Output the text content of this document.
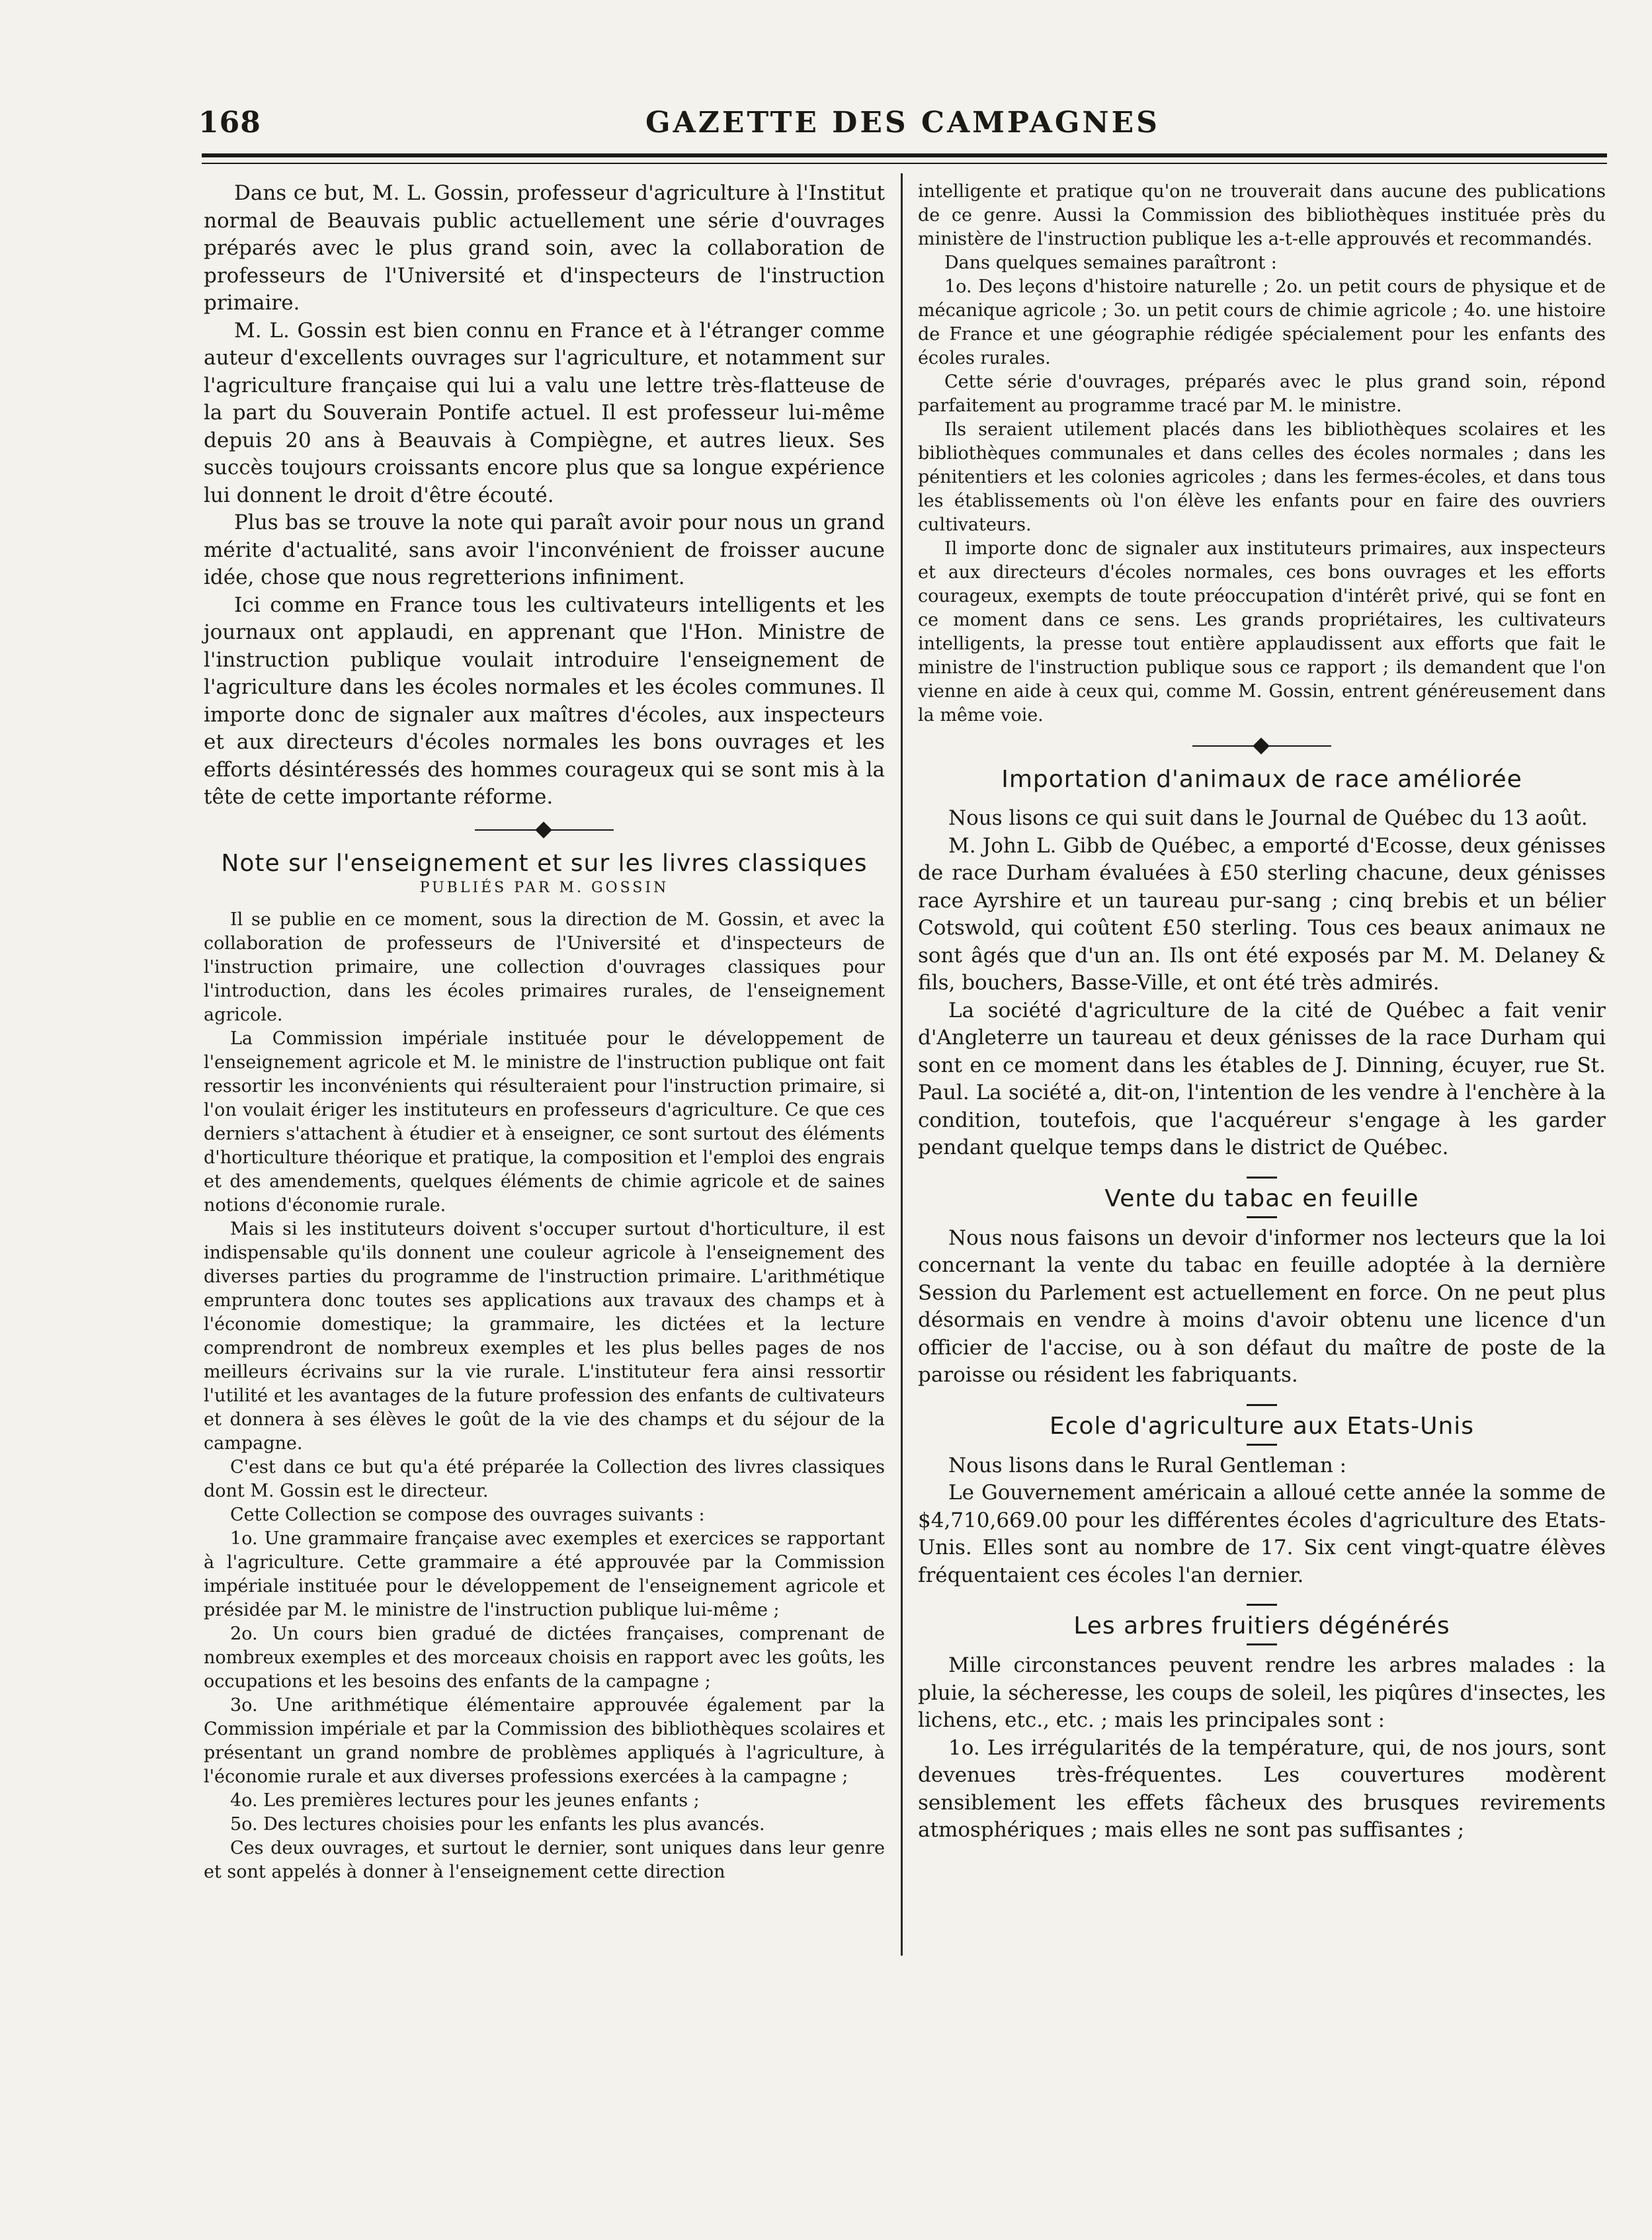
168	GAZETTE DES CAMPAGNES

Dans ce but, M. L. Gossin, professeur d'agriculture à l'Institut normal de Beauvais public actuellement une série d'ouvrages préparés avec le plus grand soin, avec la collaboration de professeurs de l'Université et d'inspecteurs de l'instruction primaire.

M. L. Gossin est bien connu en France et à l'étranger comme auteur d'excellents ouvrages sur l'agriculture, et notamment sur l'agriculture française qui lui a valu une lettre très-flatteuse de la part du Souverain Pontife actuel. Il est professeur lui-même depuis 20 ans à Beauvais à Compiègne, et autres lieux. Ses succès toujours croissants encore plus que sa longue expérience lui donnent le droit d'être écouté.

Plus bas se trouve la note qui paraît avoir pour nous un grand mérite d'actualité, sans avoir l'inconvénient de froisser aucune idée, chose que nous regretterions infiniment.

Ici comme en France tous les cultivateurs intelligents et les journaux ont applaudi, en apprenant que l'Hon. Ministre de l'instruction publique voulait introduire l'enseignement de l'agriculture dans les écoles normales et les écoles communes. Il importe donc de signaler aux maîtres d'écoles, aux inspecteurs et aux directeurs d'écoles normales les bons ouvrages et les efforts désintéressés des hommes courageux qui se sont mis à la tête de cette importante réforme.

Note sur l'enseignement et sur les livres classiques
PUBLIÉS PAR M. GOSSIN

Il se publie en ce moment, sous la direction de M. Gossin, et avec la collaboration de professeurs de l'Université et d'inspecteurs de l'instruction primaire, une collection d'ouvrages classiques pour l'introduction, dans les écoles primaires rurales, de l'enseignement agricole.

La Commission impériale instituée pour le développement de l'enseignement agricole et M. le ministre de l'instruction publique ont fait ressortir les inconvénients qui résulteraient pour l'instruction primaire, si l'on voulait ériger les instituteurs en professeurs d'agriculture. Ce que ces derniers s'attachent à étudier et à enseigner, ce sont surtout des éléments d'horticulture théorique et pratique, la composition et l'emploi des engrais et des amendements, quelques éléments de chimie agricole et de saines notions d'économie rurale.

Mais si les instituteurs doivent s'occuper surtout d'horticulture, il est indispensable qu'ils donnent une couleur agricole à l'enseignement des diverses parties du programme de l'instruction primaire. L'arithmétique emprunterа donc toutes ses applications aux travaux des champs et à l'économie domestique; la grammaire, les dictées et la lecture comprendront de nombreux exemples et les plus belles pages de nos meilleurs écrivains sur la vie rurale. L'instituteur fera ainsi ressortir l'utilité et les avantages de la future profession des enfants de cultivateurs et donnera à ses élèves le goût de la vie des champs et du séjour de la campagne.

C'est dans ce but qu'a été préparée la Collection des livres classiques dont M. Gossin est le directeur.

Cette Collection se compose des ouvrages suivants :

1o. Une grammaire française avec exemples et exercices se rapportant à l'agriculture. Cette grammaire a été approuvée par la Commission impériale instituée pour le développement de l'enseignement agricole et présidée par M. le ministre de l'instruction publique lui-même ;

2o. Un cours bien gradué de dictées françaises, comprenant de nombreux exemples et des morceaux choisis en rapport avec les goûts, les occupations et les besoins des enfants de la campagne ;

3o. Une arithmétique élémentaire approuvée également par la Commission impériale et par la Commission des bibliothèques scolaires et présentant un grand nombre de problèmes appliqués à l'agriculture, à l'économie rurale et aux diverses professions exercées à la campagne ;

4o. Les premières lectures pour les jeunes enfants ;

5o. Des lectures choisies pour les enfants les plus avancés.

Ces deux ouvrages, et surtout le dernier, sont uniques dans leur genre et sont appelés à donner à l'enseignement cette direction

intelligente et pratique qu'on ne trouverait dans aucune des publications de ce genre. Aussi la Commission des bibliothèques instituée près du ministère de l'instruction publique les a-t-elle approuvés et recommandés.

Dans quelques semaines paraîtront :

1o. Des leçons d'histoire naturelle ; 2o. un petit cours de physique et de mécanique agricole ; 3o. un petit cours de chimie agricole ; 4o. une histoire de France et une géographie rédigée spécialement pour les enfants des écoles rurales.

Cette série d'ouvrages, préparés avec le plus grand soin, répond parfaitement au programme tracé par M. le ministre.

Ils seraient utilement placés dans les bibliothèques scolaires et les bibliothèques communales et dans celles des écoles normales ; dans les pénitentiers et les colonies agricoles ; dans les fermes-écoles, et dans tous les établissements où l'on élève les enfants pour en faire des ouvriers cultivateurs.

Il importe donc de signaler aux instituteurs primaires, aux inspecteurs et aux directeurs d'écoles normales, ces bons ouvrages et les efforts courageux, exempts de toute préoccupation d'intérêt privé, qui se font en ce moment dans ce sens. Les grands propriétaires, les cultivateurs intelligents, la presse tout entière applaudissent aux efforts que fait le ministre de l'instruction publique sous ce rapport ; ils demandent que l'on vienne en aide à ceux qui, comme M. Gossin, entrent généreusement dans la même voie.

Importation d'animaux de race améliorée

Nous lisons ce qui suit dans le Journal de Québec du 13 août.

M. John L. Gibb de Québec, a emporté d'Ecosse, deux génisses de race Durham évaluées à £50 sterling chacune, deux génisses race Ayrshire et un taureau pur-sang ; cinq brebis et un bélier Cotswold, qui coûtent £50 sterling. Tous ces beaux animaux ne sont âgés que d'un an. Ils ont été exposés par M. M. Delaney & fils, bouchers, Basse-Ville, et ont été très admirés.

La société d'agriculture de la cité de Québec a fait venir d'Angleterre un taureau et deux génisses de la race Durham qui sont en ce moment dans les étables de J. Dinning, écuyer, rue St. Paul. La société a, dit-on, l'intention de les vendre à l'enchère à la condition, toutefois, que l'acquéreur s'engage à les garder pendant quelque temps dans le district de Québec.

Vente du tabac en feuille

Nous nous faisons un devoir d'informer nos lecteurs que la loi concernant la vente du tabac en feuille adoptée à la dernière Session du Parlement est actuellement en force. On ne peut plus désormais en vendre à moins d'avoir obtenu une licence d'un officier de l'accise, ou à son défaut du maître de poste de la paroisse ou résident les fabriquants.

Ecole d'agriculture aux Etats-Unis

Nous lisons dans le Rural Gentleman :

Le Gouvernement américain a alloué cette année la somme de $4,710,669.00 pour les différentes écoles d'agriculture des Etats-Unis. Elles sont au nombre de 17. Six cent vingt-quatre élèves fréquentaient ces écoles l'an dernier.

Les arbres fruitiers dégénérés

Mille circonstances peuvent rendre les arbres malades : la pluie, la sécheresse, les coups de soleil, les piqûres d'insectes, les lichens, etc., etc. ; mais les principales sont :

1o. Les irrégularités de la température, qui, de nos jours, sont devenues très-fréquentes. Les couvertures modèrent sensiblement les effets fâcheux des brusques revirements atmosphériques ; mais elles ne sont pas suffisantes ;
